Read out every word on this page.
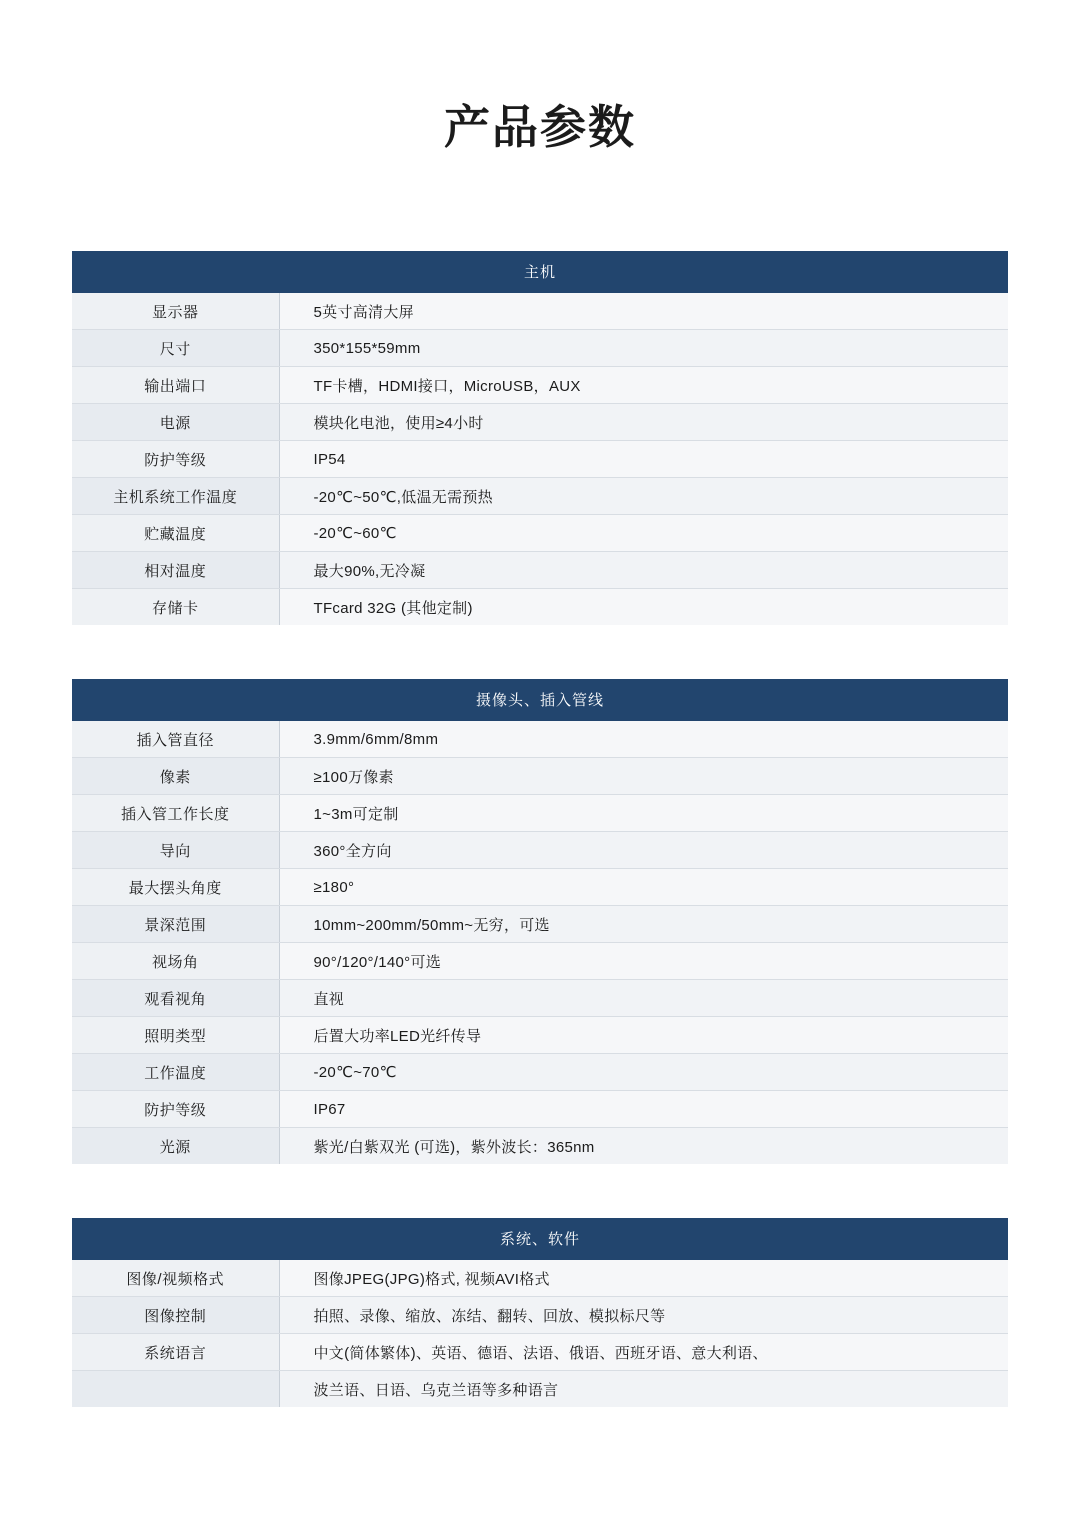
产品参数
主机	
显示器	5英寸高清大屏
尺寸	350*155*59mm
输出端口	TF卡槽，HDMI接口，MicroUSB，AUX
电源	模块化电池，使用≥4小时
防护等级	IP54
主机系统工作温度	-20℃~50℃,低温无需预热
贮藏温度	-20℃~60℃
相对温度	最大90%,无冷凝
存储卡	TFcard 32G (其他定制)
摄像头、插入管线	
插入管直径	3.9mm/6mm/8mm
像素	≥100万像素
插入管工作长度	1~3m可定制
导向	360°全方向
最大摆头角度	≥180°
景深范围	10mm~200mm/50mm~无穷，可选
视场角	90°/120°/140°可选
观看视角	直视
照明类型	后置大功率LED光纤传导
工作温度	-20℃~70℃
防护等级	IP67
光源	紫光/白紫双光 (可选)，紫外波长：365nm
系统、软件	
图像/视频格式	图像JPEG(JPG)格式, 视频AVI格式
图像控制	拍照、录像、缩放、冻结、翻转、回放、模拟标尺等
系统语言	中文(简体繁体)、英语、德语、法语、俄语、西班牙语、意大利语、
	波兰语、日语、乌克兰语等多种语言
